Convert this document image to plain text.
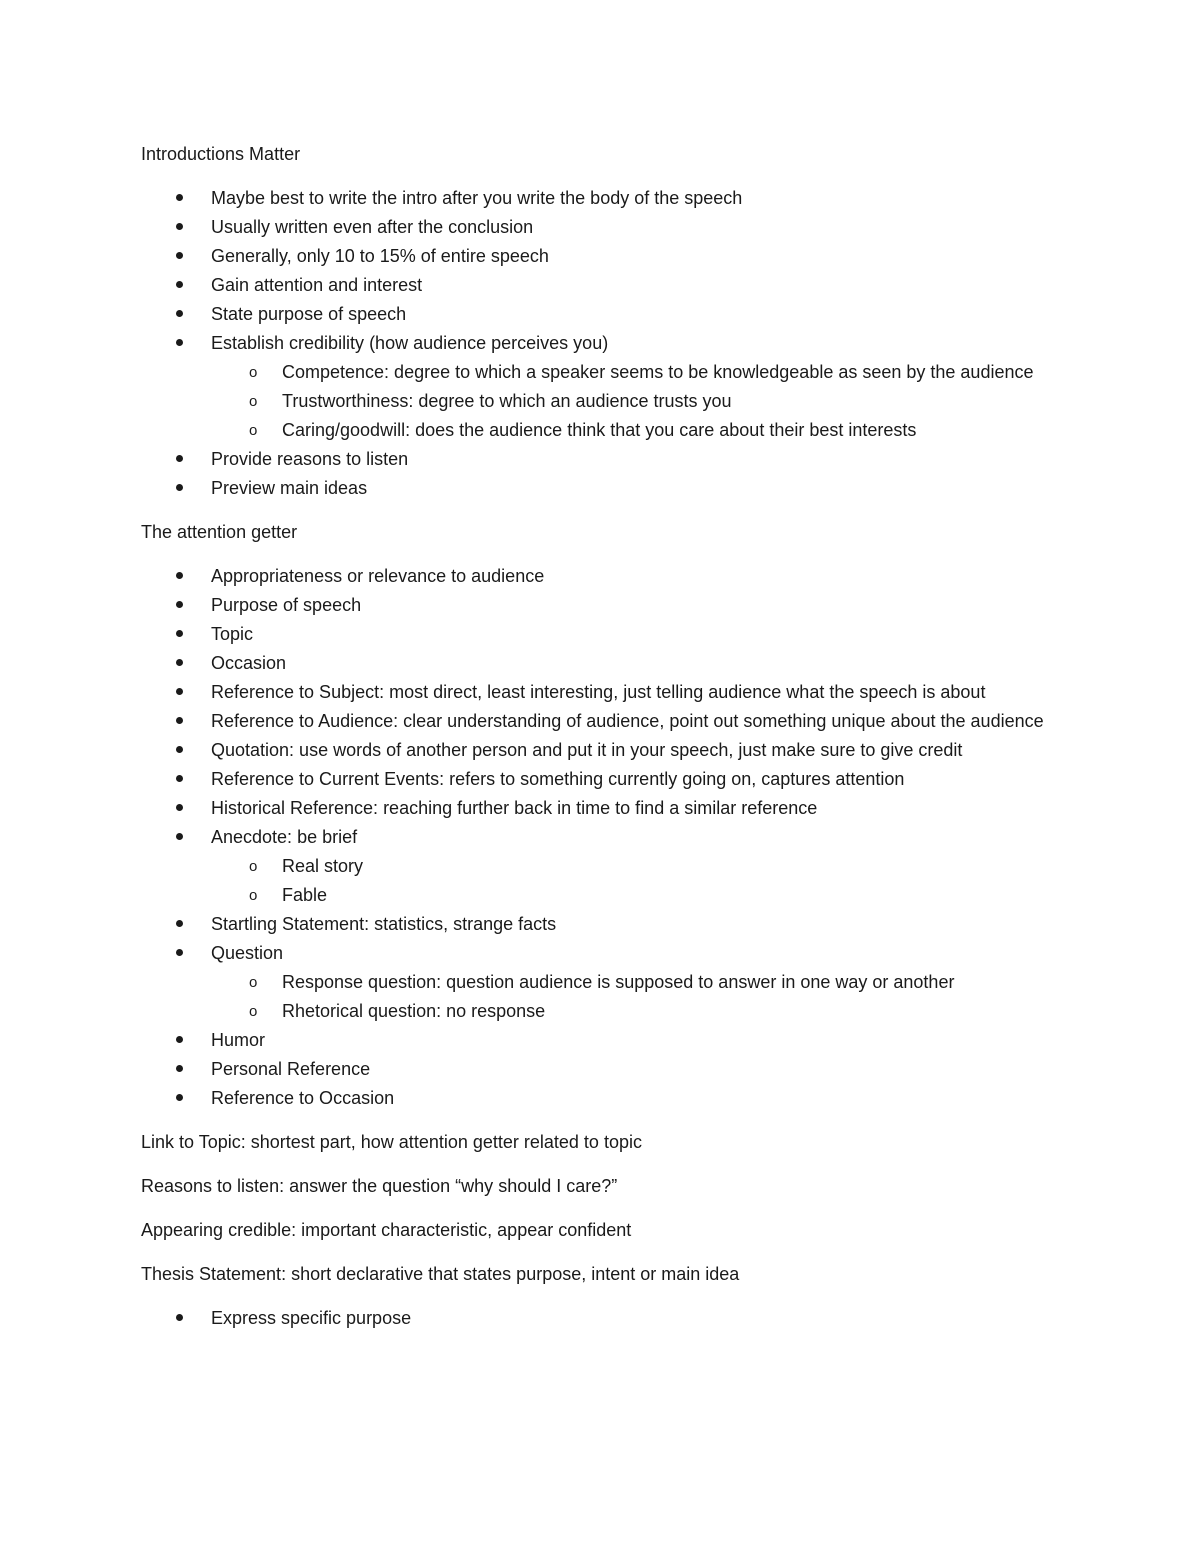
Introductions Matter

Maybe best to write the intro after you write the body of the speech
Usually written even after the conclusion
Generally, only 10 to 15% of entire speech
Gain attention and interest
State purpose of speech
Establish credibility (how audience perceives you)
o Competence: degree to which a speaker seems to be knowledgeable as seen by the audience
o Trustworthiness: degree to which an audience trusts you
o Caring/goodwill: does the audience think that you care about their best interests
Provide reasons to listen
Preview main ideas

The attention getter

Appropriateness or relevance to audience
Purpose of speech
Topic
Occasion
Reference to Subject: most direct, least interesting, just telling audience what the speech is about
Reference to Audience: clear understanding of audience, point out something unique about the audience
Quotation: use words of another person and put it in your speech, just make sure to give credit
Reference to Current Events: refers to something currently going on, captures attention
Historical Reference: reaching further back in time to find a similar reference
Anecdote: be brief
o Real story
o Fable
Startling Statement: statistics, strange facts
Question
o Response question: question audience is supposed to answer in one way or another
o Rhetorical question: no response
Humor
Personal Reference
Reference to Occasion

Link to Topic: shortest part, how attention getter related to topic

Reasons to listen: answer the question “why should I care?”

Appearing credible: important characteristic, appear confident

Thesis Statement: short declarative that states purpose, intent or main idea

Express specific purpose
